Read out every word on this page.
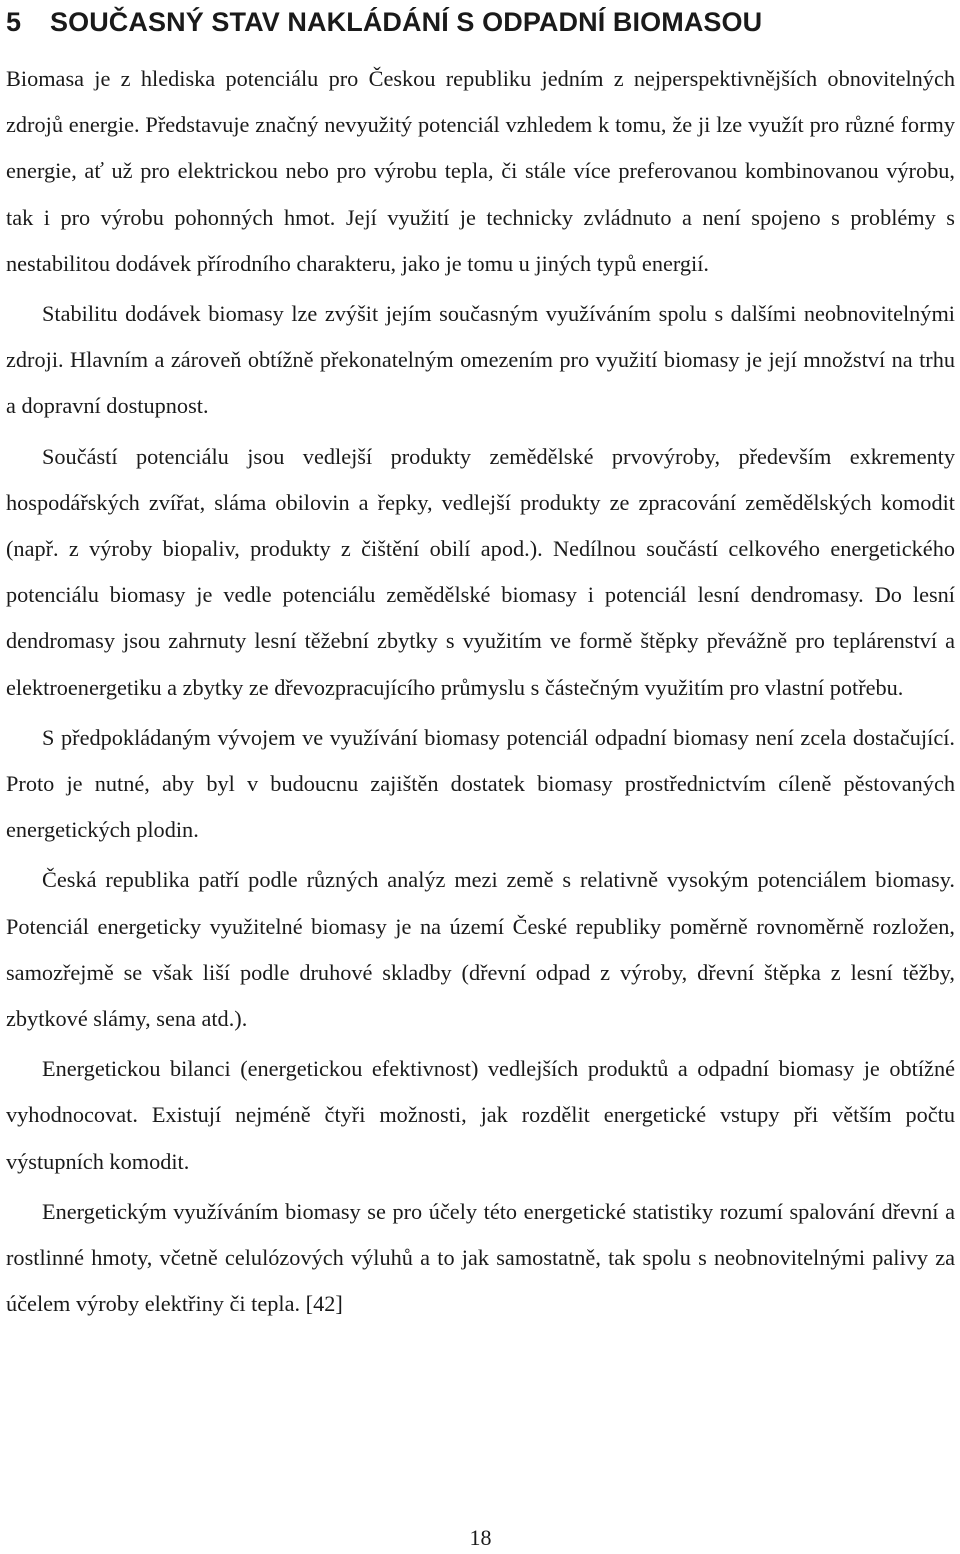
5 SOUČASNÝ STAV NAKLÁDÁNÍ S ODPADNÍ BIOMASOU

Biomasa je z hlediska potenciálu pro Českou republiku jedním z nejperspektivnějších obnovitelných zdrojů energie. Představuje značný nevyužitý potenciál vzhledem k tomu, že ji lze využít pro různé formy energie, ať už pro elektrickou nebo pro výrobu tepla, či stále více preferovanou kombinovanou výrobu, tak i pro výrobu pohonných hmot. Její využití je technicky zvládnuto a není spojeno s problémy s nestabilitou dodávek přírodního charakteru, jako je tomu u jiných typů energií.

Stabilitu dodávek biomasy lze zvýšit jejím současným využíváním spolu s dalšími neobnovitelnými zdroji. Hlavním a zároveň obtížně překonatelným omezením pro využití biomasy je její množství na trhu a dopravní dostupnost.

Součástí potenciálu jsou vedlejší produkty zemědělské prvovýroby, především exkrementy hospodářských zvířat, sláma obilovin a řepky, vedlejší produkty ze zpracování zemědělských komodit (např. z výroby biopaliv, produkty z čištění obilí apod.). Nedílnou součástí celkového energetického potenciálu biomasy je vedle potenciálu zemědělské biomasy i potenciál lesní dendromasy. Do lesní dendromasy jsou zahrnuty lesní těžební zbytky s využitím ve formě štěpky převážně pro teplárenství a elektroenergetiku a zbytky ze dřevozpracujícího průmyslu s částečným využitím pro vlastní potřebu.

S předpokládaným vývojem ve využívání biomasy potenciál odpadní biomasy není zcela dostačující. Proto je nutné, aby byl v budoucnu zajištěn dostatek biomasy prostřednictvím cíleně pěstovaných energetických plodin.

Česká republika patří podle různých analýz mezi země s relativně vysokým potenciálem biomasy. Potenciál energeticky využitelné biomasy je na území České republiky poměrně rovnoměrně rozložen, samozřejmě se však liší podle druhové skladby (dřevní odpad z výroby, dřevní štěpka z lesní těžby, zbytkové slámy, sena atd.).

Energetickou bilanci (energetickou efektivnost) vedlejších produktů a odpadní biomasy je obtížné vyhodnocovat. Existují nejméně čtyři možnosti, jak rozdělit energetické vstupy při větším počtu výstupních komodit.

Energetickým využíváním biomasy se pro účely této energetické statistiky rozumí spalování dřevní a rostlinné hmoty, včetně celulózových výluhů a to jak samostatně, tak spolu s neobnovitelnými palivy za účelem výroby elektřiny či tepla. [42]

18
